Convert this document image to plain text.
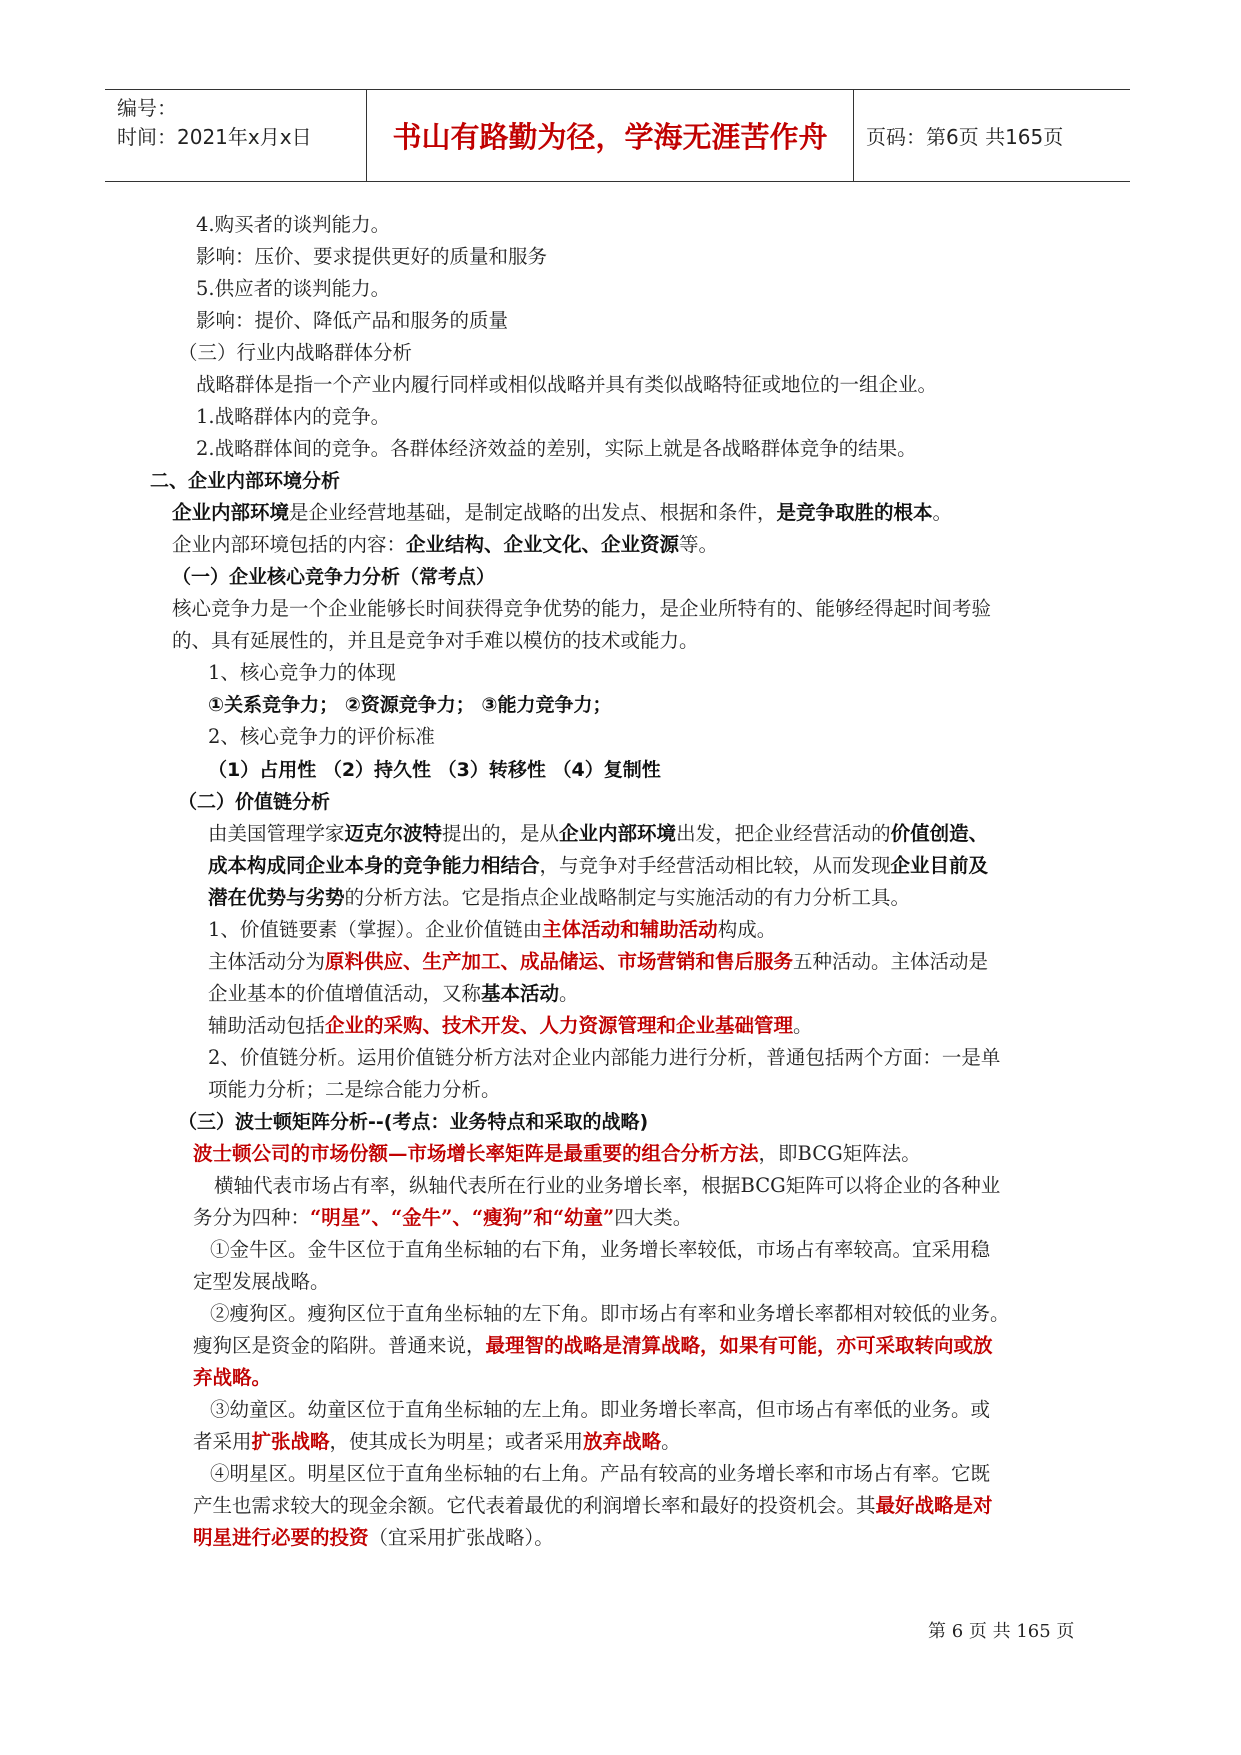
编号：
时间：2021年x月x日	书山有路勤为径，学海无涯苦作舟	页码：第6页 共165页
4.购买者的谈判能力。
影响：压价、要求提供更好的质量和服务
5.供应者的谈判能力。
影响：提价、降低产品和服务的质量
（三）行业内战略群体分析
战略群体是指一个产业内履行同样或相似战略并具有类似战略特征或地位的一组企业。
1.战略群体内的竞争。
2.战略群体间的竞争。各群体经济效益的差别，实际上就是各战略群体竞争的结果。
二、企业内部环境分析
企业内部环境是企业经营地基础，是制定战略的出发点、根据和条件，是竞争取胜的根本。
企业内部环境包括的内容：企业结构、企业文化、企业资源等。
（一）企业核心竞争力分析（常考点）
核心竞争力是一个企业能够长时间获得竞争优势的能力，是企业所特有的、能够经得起时间考验
的、具有延展性的，并且是竞争对手难以模仿的技术或能力。
1、核心竞争力的体现
①关系竞争力； ②资源竞争力； ③能力竞争力；
2、核心竞争力的评价标准
（1）占用性 （2）持久性 （3）转移性 （4）复制性
（二）价值链分析
由美国管理学家迈克尔波特提出的，是从企业内部环境出发，把企业经营活动的价值创造、
成本构成同企业本身的竞争能力相结合，与竞争对手经营活动相比较，从而发现企业目前及
潜在优势与劣势的分析方法。它是指点企业战略制定与实施活动的有力分析工具。
1、价值链要素（掌握）。企业价值链由主体活动和辅助活动构成。
主体活动分为原料供应、生产加工、成品储运、市场营销和售后服务五种活动。主体活动是
企业基本的价值增值活动，又称基本活动。
辅助活动包括企业的采购、技术开发、人力资源管理和企业基础管理。
2、价值链分析。运用价值链分析方法对企业内部能力进行分析，普通包括两个方面：一是单
项能力分析；二是综合能力分析。
（三）波士顿矩阵分析--(考点：业务特点和采取的战略)
波士顿公司的市场份额—市场增长率矩阵是最重要的组合分析方法，即BCG矩阵法。
横轴代表市场占有率，纵轴代表所在行业的业务增长率，根据BCG矩阵可以将企业的各种业
务分为四种：“明星”、“金牛”、“瘦狗”和“幼童”四大类。
①金牛区。金牛区位于直角坐标轴的右下角，业务增长率较低，市场占有率较高。宜采用稳
定型发展战略。
②瘦狗区。瘦狗区位于直角坐标轴的左下角。即市场占有率和业务增长率都相对较低的业务。
瘦狗区是资金的陷阱。普通来说，最理智的战略是清算战略，如果有可能，亦可采取转向或放
弃战略。
③幼童区。幼童区位于直角坐标轴的左上角。即业务增长率高，但市场占有率低的业务。或
者采用扩张战略，使其成长为明星；或者采用放弃战略。
④明星区。明星区位于直角坐标轴的右上角。产品有较高的业务增长率和市场占有率。它既
产生也需求较大的现金余额。它代表着最优的利润增长率和最好的投资机会。其最好战略是对
明星进行必要的投资（宜采用扩张战略）。
第 6 页 共 165 页
